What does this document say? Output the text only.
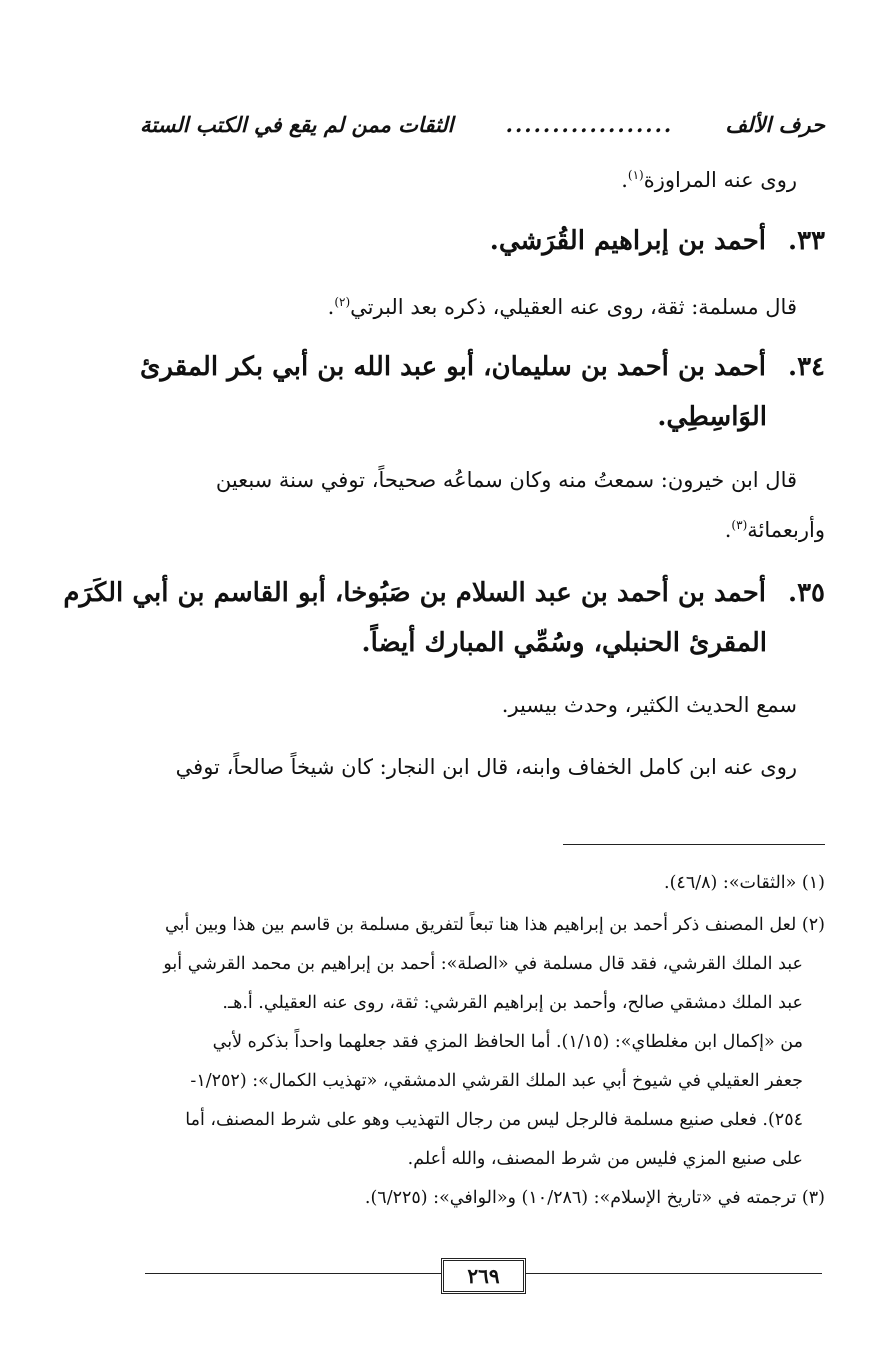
حرف الألف
..................
الثقات ممن لم يقع في الكتب الستة
روى عنه المراوزة$^{(١)}$.
٣٣.أحمد بن إبراهيم القُرَشي.
قال مسلمة: ثقة، روى عنه العقيلي، ذكره بعد البرتي$^{(٢)}$.
٣٤.أحمد بن أحمد بن سليمان، أبو عبد الله بن أبي بكر المقرئ
الوَاسِطِي.
قال ابن خيرون: سمعتُ منه وكان سماعُه صحيحاً، توفي سنة سبعين
وأربعمائة$^{(٣)}$.
٣٥.أحمد بن أحمد بن عبد السلام بن صَبُوخا، أبو القاسم بن أبي الكَرَم
المقرئ الحنبلي، وسُمِّي المبارك أيضاً.
سمع الحديث الكثير، وحدث بيسير.
روى عنه ابن كامل الخفاف وابنه، قال ابن النجار: كان شيخاً صالحاً، توفي
(١) «الثقات»: (٤٦/٨).
(٢) لعل المصنف ذكر أحمد بن إبراهيم هذا هنا تبعاً لتفريق مسلمة بن قاسم بين هذا وبين أبي
عبد الملك القرشي، فقد قال مسلمة في «الصلة»: أحمد بن إبراهيم بن محمد القرشي أبو
عبد الملك دمشقي صالح، وأحمد بن إبراهيم القرشي: ثقة، روى عنه العقيلي. أ.هـ.
من «إكمال ابن مغلطاي»: (١/١٥). أما الحافظ المزي فقد جعلهما واحداً بذكره لأبي
جعفر العقيلي في شيوخ أبي عبد الملك القرشي الدمشقي، «تهذيب الكمال»: (١/٢٥٢-
٢٥٤). فعلى صنيع مسلمة فالرجل ليس من رجال التهذيب وهو على شرط المصنف، أما
على صنيع المزي فليس من شرط المصنف، والله أعلم.
(٣) ترجمته في «تاريخ الإسلام»: (١٠/٢٨٦) و«الوافي»: (٦/٢٢٥).
٢٦٩
